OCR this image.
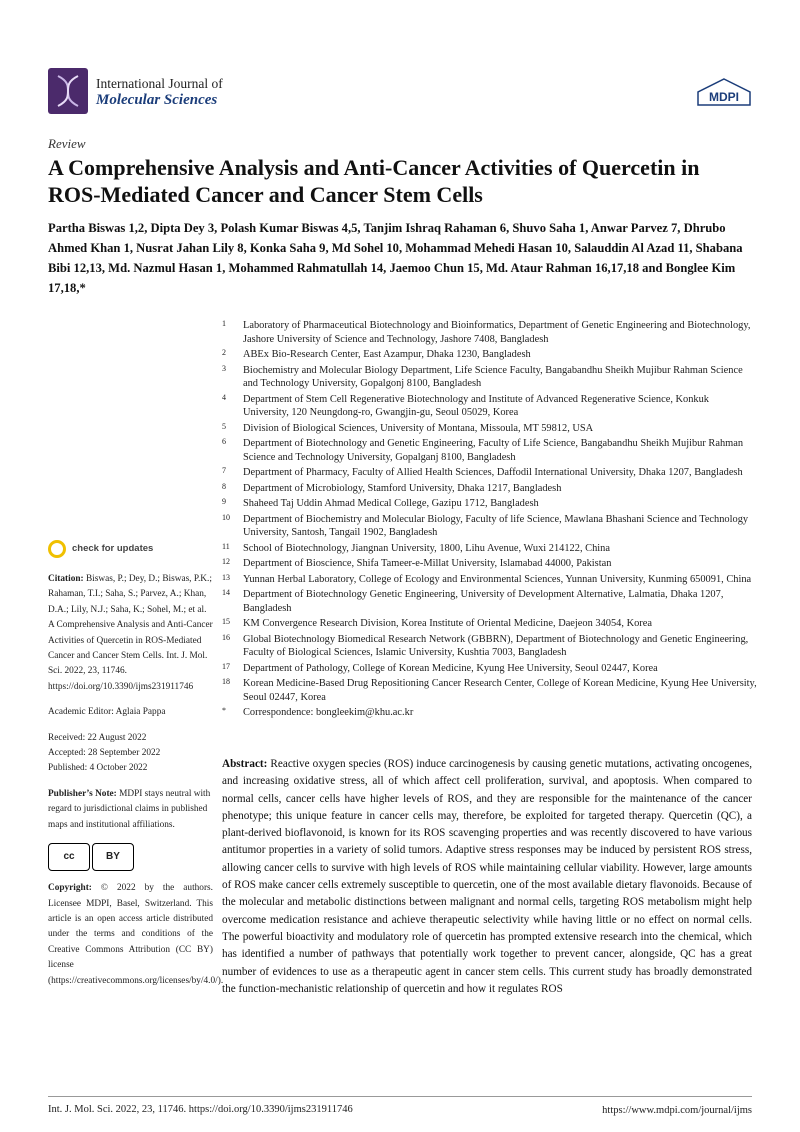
International Journal of
Molecular Sciences	MDPI
Review
A Comprehensive Analysis and Anti-Cancer Activities of Quercetin in ROS-Mediated Cancer and Cancer Stem Cells
Partha Biswas 1,2, Dipta Dey 3, Polash Kumar Biswas 4,5, Tanjim Ishraq Rahaman 6, Shuvo Saha 1, Anwar Parvez 7, Dhrubo Ahmed Khan 1, Nusrat Jahan Lily 8, Konka Saha 9, Md Sohel 10, Mohammad Mehedi Hasan 10, Salauddin Al Azad 11, Shabana Bibi 12,13, Md. Nazmul Hasan 1, Mohammed Rahmatullah 14, Jaemoo Chun 15, Md. Ataur Rahman 16,17,18 and Bonglee Kim 17,18,*
1 Laboratory of Pharmaceutical Biotechnology and Bioinformatics, Department of Genetic Engineering and Biotechnology, Jashore University of Science and Technology, Jashore 7408, Bangladesh
2 ABEx Bio-Research Center, East Azampur, Dhaka 1230, Bangladesh
3 Biochemistry and Molecular Biology Department, Life Science Faculty, Bangabandhu Sheikh Mujibur Rahman Science and Technology University, Gopalgonj 8100, Bangladesh
4 Department of Stem Cell Regenerative Biotechnology and Institute of Advanced Regenerative Science, Konkuk University, 120 Neungdong-ro, Gwangjin-gu, Seoul 05029, Korea
5 Division of Biological Sciences, University of Montana, Missoula, MT 59812, USA
6 Department of Biotechnology and Genetic Engineering, Faculty of Life Science, Bangabandhu Sheikh Mujibur Rahman Science and Technology University, Gopalganj 8100, Bangladesh
7 Department of Pharmacy, Faculty of Allied Health Sciences, Daffodil International University, Dhaka 1207, Bangladesh
8 Department of Microbiology, Stamford University, Dhaka 1217, Bangladesh
9 Shaheed Taj Uddin Ahmad Medical College, Gazipu 1712, Bangladesh
10 Department of Biochemistry and Molecular Biology, Faculty of life Science, Mawlana Bhashani Science and Technology University, Santosh, Tangail 1902, Bangladesh
11 School of Biotechnology, Jiangnan University, 1800, Lihu Avenue, Wuxi 214122, China
12 Department of Bioscience, Shifa Tameer-e-Millat University, Islamabad 44000, Pakistan
13 Yunnan Herbal Laboratory, College of Ecology and Environmental Sciences, Yunnan University, Kunming 650091, China
14 Department of Biotechnology Genetic Engineering, University of Development Alternative, Lalmatia, Dhaka 1207, Bangladesh
15 KM Convergence Research Division, Korea Institute of Oriental Medicine, Daejeon 34054, Korea
16 Global Biotechnology Biomedical Research Network (GBBRN), Department of Biotechnology and Genetic Engineering, Faculty of Biological Sciences, Islamic University, Kushtia 7003, Bangladesh
17 Department of Pathology, College of Korean Medicine, Kyung Hee University, Seoul 02447, Korea
18 Korean Medicine-Based Drug Repositioning Cancer Research Center, College of Korean Medicine, Kyung Hee University, Seoul 02447, Korea
* Correspondence: bongleekim@khu.ac.kr
Abstract: Reactive oxygen species (ROS) induce carcinogenesis by causing genetic mutations, activating oncogenes, and increasing oxidative stress, all of which affect cell proliferation, survival, and apoptosis. When compared to normal cells, cancer cells have higher levels of ROS, and they are responsible for the maintenance of the cancer phenotype; this unique feature in cancer cells may, therefore, be exploited for targeted therapy. Quercetin (QC), a plant-derived bioflavonoid, is known for its ROS scavenging properties and was recently discovered to have various antitumor properties in a variety of solid tumors. Adaptive stress responses may be induced by persistent ROS stress, allowing cancer cells to survive with high levels of ROS while maintaining cellular viability. However, large amounts of ROS make cancer cells extremely susceptible to quercetin, one of the most available dietary flavonoids. Because of the molecular and metabolic distinctions between malignant and normal cells, targeting ROS metabolism might help overcome medication resistance and achieve therapeutic selectivity while having little or no effect on normal cells. The powerful bioactivity and modulatory role of quercetin has prompted extensive research into the chemical, which has identified a number of pathways that potentially work together to prevent cancer, alongside, QC has a great number of evidences to use as a therapeutic agent in cancer stem cells. This current study has broadly demonstrated the function-mechanistic relationship of quercetin and how it regulates ROS
check for updates
Citation: Biswas, P.; Dey, D.; Biswas, P.K.; Rahaman, T.I.; Saha, S.; Parvez, A.; Khan, D.A.; Lily, N.J.; Saha, K.; Sohel, M.; et al. A Comprehensive Analysis and Anti-Cancer Activities of Quercetin in ROS-Mediated Cancer and Cancer Stem Cells. Int. J. Mol. Sci. 2022, 23, 11746. https://doi.org/10.3390/ijms231911746
Academic Editor: Aglaia Pappa
Received: 22 August 2022
Accepted: 28 September 2022
Published: 4 October 2022
Publisher’s Note: MDPI stays neutral with regard to jurisdictional claims in published maps and institutional affiliations.
cc	BY
Copyright: © 2022 by the authors. Licensee MDPI, Basel, Switzerland. This article is an open access article distributed under the terms and conditions of the Creative Commons Attribution (CC BY) license (https://creativecommons.org/licenses/by/4.0/).
Int. J. Mol. Sci. 2022, 23, 11746. https://doi.org/10.3390/ijms231911746	https://www.mdpi.com/journal/ijms
